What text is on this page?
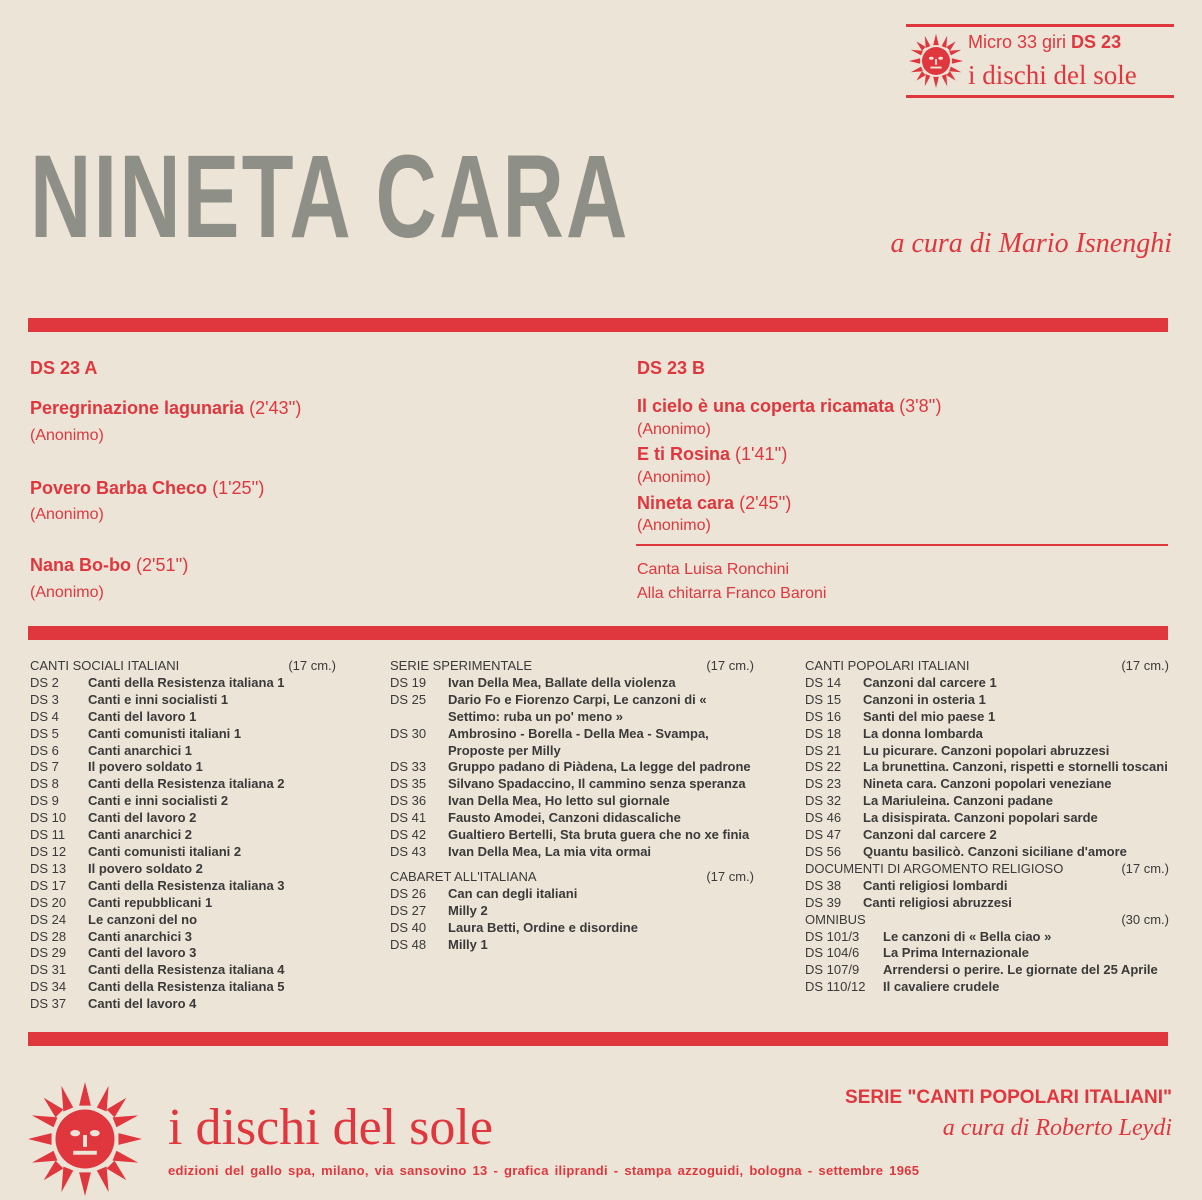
Micro 33 giri DS 23
i dischi del sole
NINETA CARA	a cura di Mario Isnenghi
DS 23 A
Peregrinazione lagunaria (2'43'')
(Anonimo)
Povero Barba Checo (1'25'')
(Anonimo)
Nana Bo-bo (2'51'')
(Anonimo)
DS 23 B
Il cielo è una coperta ricamata (3'8'')
(Anonimo)
E ti Rosina (1'41'')
(Anonimo)
Nineta cara (2'45'')
(Anonimo)
Canta Luisa Ronchini
Alla chitarra Franco Baroni
CANTI SOCIALI ITALIANI	(17 cm.)
DS 2	Canti della Resistenza italiana 1
DS 3	Canti e inni socialisti 1
DS 4	Canti del lavoro 1
DS 5	Canti comunisti italiani 1
DS 6	Canti anarchici 1
DS 7	Il povero soldato 1
DS 8	Canti della Resistenza italiana 2
DS 9	Canti e inni socialisti 2
DS 10	Canti del lavoro 2
DS 11	Canti anarchici 2
DS 12	Canti comunisti italiani 2
DS 13	Il povero soldato 2
DS 17	Canti della Resistenza italiana 3
DS 20	Canti repubblicani 1
DS 24	Le canzoni del no
DS 28	Canti anarchici 3
DS 29	Canti del lavoro 3
DS 31	Canti della Resistenza italiana 4
DS 34	Canti della Resistenza italiana 5
DS 37	Canti del lavoro 4
SERIE SPERIMENTALE	(17 cm.)
DS 19	Ivan Della Mea, Ballate della violenza
DS 25	Dario Fo e Fiorenzo Carpi, Le canzoni di « Settimo: ruba un po' meno »
DS 30	Ambrosino - Borella - Della Mea - Svampa, Proposte per Milly
DS 33	Gruppo padano di Piàdena, La legge del padrone
DS 35	Silvano Spadaccino, Il cammino senza speranza
DS 36	Ivan Della Mea, Ho letto sul giornale
DS 41	Fausto Amodei, Canzoni didascaliche
DS 42	Gualtiero Bertelli, Sta bruta guera che no xe finia
DS 43	Ivan Della Mea, La mia vita ormai
CABARET ALL'ITALIANA	(17 cm.)
DS 26	Can can degli italiani
DS 27	Milly 2
DS 40	Laura Betti, Ordine e disordine
DS 48	Milly 1
CANTI POPOLARI ITALIANI	(17 cm.)
DS 14	Canzoni dal carcere 1
DS 15	Canzoni in osteria 1
DS 16	Santi del mio paese 1
DS 18	La donna lombarda
DS 21	Lu picurare. Canzoni popolari abruzzesi
DS 22	La brunettina. Canzoni, rispetti e stornelli toscani
DS 23	Nineta cara. Canzoni popolari veneziane
DS 32	La Mariuleina. Canzoni padane
DS 46	La disispirata. Canzoni popolari sarde
DS 47	Canzoni dal carcere 2
DS 56	Quantu basilicò. Canzoni siciliane d'amore
DOCUMENTI DI ARGOMENTO RELIGIOSO	(17 cm.)
DS 38	Canti religiosi lombardi
DS 39	Canti religiosi abruzzesi
OMNIBUS	(30 cm.)
DS 101/3	Le canzoni di « Bella ciao »
DS 104/6	La Prima Internazionale
DS 107/9	Arrendersi o perire. Le giornate del 25 Aprile
DS 110/12	Il cavaliere crudele
i dischi del sole
SERIE "CANTI POPOLARI ITALIANI"
a cura di Roberto Leydi
edizioni del gallo spa, milano, via sansovino 13 - grafica iliprandi - stampa azzoguidi, bologna - settembre 1965
